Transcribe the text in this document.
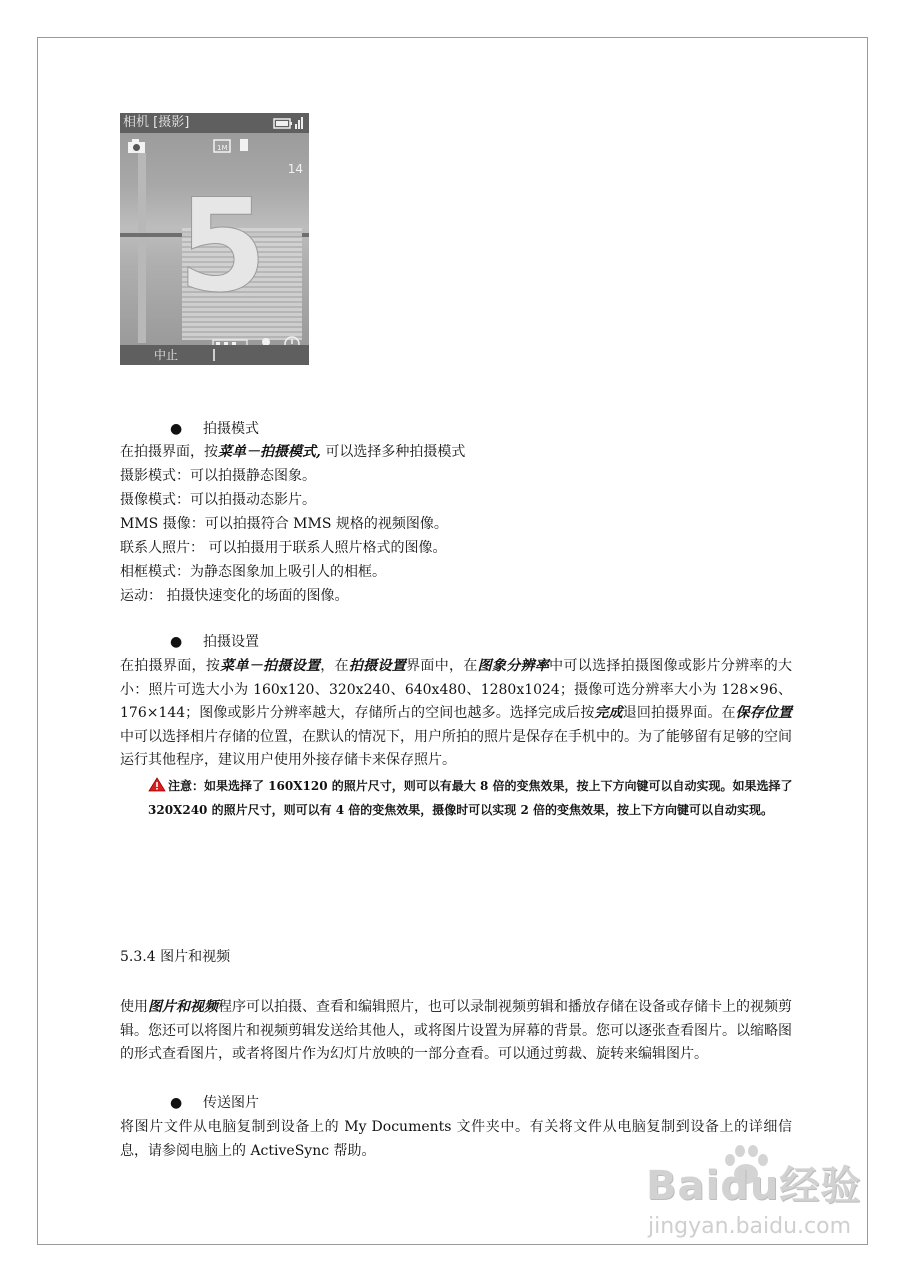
相机 [摄影]
1M
14
5
中止
● 拍摄模式

在拍摄界面，按菜单－拍摄模式, 可以选择多种拍摄模式

摄影模式：可以拍摄静态图象。

摄像模式：可以拍摄动态影片。

MMS 摄像：可以拍摄符合 MMS 规格的视频图像。

联系人照片： 可以拍摄用于联系人照片格式的图像。

相框模式：为静态图象加上吸引人的相框。

运动： 拍摄快速变化的场面的图像。

● 拍摄设置

在拍摄界面，按菜单－拍摄设置，在拍摄设置界面中，在图象分辨率中可以选择拍摄图像或影片分辨率的大小：照片可选大小为 160x120、320x240、640x480、1280x1024；摄像可选分辨率大小为 128×96、176×144；图像或影片分辨率越大，存储所占的空间也越多。选择完成后按完成退回拍摄界面。在保存位置中可以选择相片存储的位置，在默认的情况下，用户所拍的照片是保存在手机中的。为了能够留有足够的空间运行其他程序，建议用户使用外接存储卡来保存照片。

注意：如果选择了 160X120 的照片尺寸，则可以有最大 8 倍的变焦效果，按上下方向键可以自动实现。如果选择了 320X240 的照片尺寸，则可以有 4 倍的变焦效果，摄像时可以实现 2 倍的变焦效果，按上下方向键可以自动实现。

5.3.4 图片和视频

使用图片和视频程序可以拍摄、查看和编辑照片，也可以录制视频剪辑和播放存储在设备或存储卡上的视频剪辑。您还可以将图片和视频剪辑发送给其他人，或将图片设置为屏幕的背景。您可以逐张查看图片。以缩略图的形式查看图片，或者将图片作为幻灯片放映的一部分查看。可以通过剪裁、旋转来编辑图片。

● 传送图片

将图片文件从电脑复制到设备上的 My Documents 文件夹中。有关将文件从电脑复制到设备上的详细信息，请参阅电脑上的 ActiveSync 帮助。

Baidu经验
jingyan.baidu.com
